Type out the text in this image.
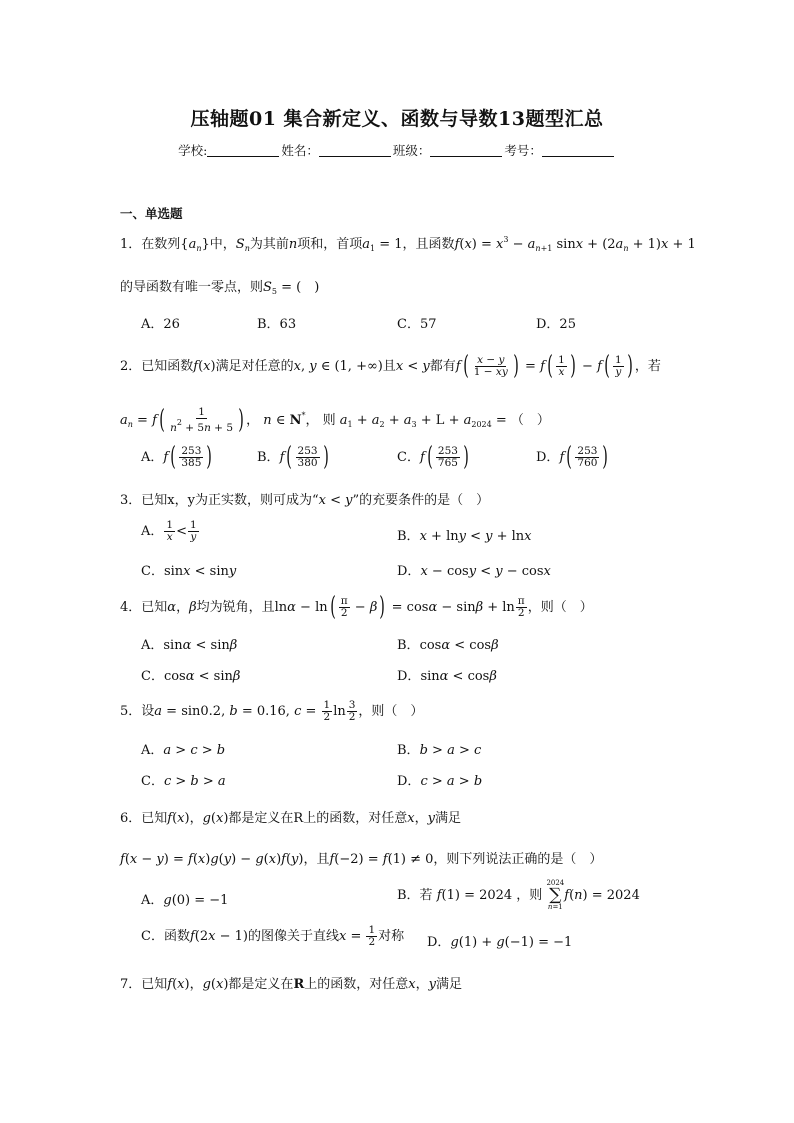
压轴题01 集合新定义、函数与导数13题型汇总
学校:	姓名：	班级：	考号：
一、单选题
1．在数列$\{a_n\}$中，$S_n$为其前n项和，首项$a_1 = 1$，且函数$f(x) = x^3 - a_{n+1}$ $\sin x + (2a_n + 1)x + 1$
的导函数有唯一零点，则$S_5$ = (　)
A．26	B．63	C．57	D．25
2．已知函数f(x)满足对任意的x, y ∈ (1, +∞)且x < y都有$f( \frac{x - y}{1 - xy}$ ) = $f( \frac{1}{x}$ ) − $f( \frac{1}{y}$ ) ，若
$a_n = f( \frac{1}{n^2 + 5n + 5}$ ) ， n ∈ N*， 则 $a_1 + a_2 + a_3 + L + a_{2024}$ = （　）
A．$f( \frac{253}{385}$ )	B．$f( \frac{253}{380}$ )	C．$f( \frac{253}{765}$ )	D．$f( \frac{253}{760}$ )
3．已知x，y为正实数，则可成为“x < y”的充要条件的是（　）
A． $\frac{1}{x} < \frac{1}{y}$	B．x + lny < y + lnx
C．sinx < siny	D．x − cosy < y − cosx
4．已知α，β均为锐角，且$\ln\alpha - \ln( \frac{\pi}{2} - \beta) = \cos\alpha - \sin\beta + \ln \frac{\pi}{2}$ ，则（　）
A．sinα < sinβ	B．cosα < cosβ
C．cosα < sinβ	D．sinα < cosβ
5．设a = sin0.2, b = 0.16, $c = \frac{1}{2}$ $\ln \frac{3}{2}$ ，则（　）
A．a > c > b	B．b > a > c
C．c > b > a	D．c > a > b
6．已知f(x)，g(x)都是定义在R上的函数，对任意x，y满足
f(x − y) = f(x)g(y) − g(x)f(y)，且f(−2) = f(1) ≠ 0，则下列说法正确的是（　）
A．g(0) = −1	B．若 f(1) = 2024 ，则
2024
∑
n=1
f(n) = 2024
C．函数f(2x − 1)的图像关于直线$x = \frac{1}{2}$ 对称 D．g(1) + g(−1) = −1
7．已知f(x)，g(x)都是定义在R上的函数，对任意x，y满足
